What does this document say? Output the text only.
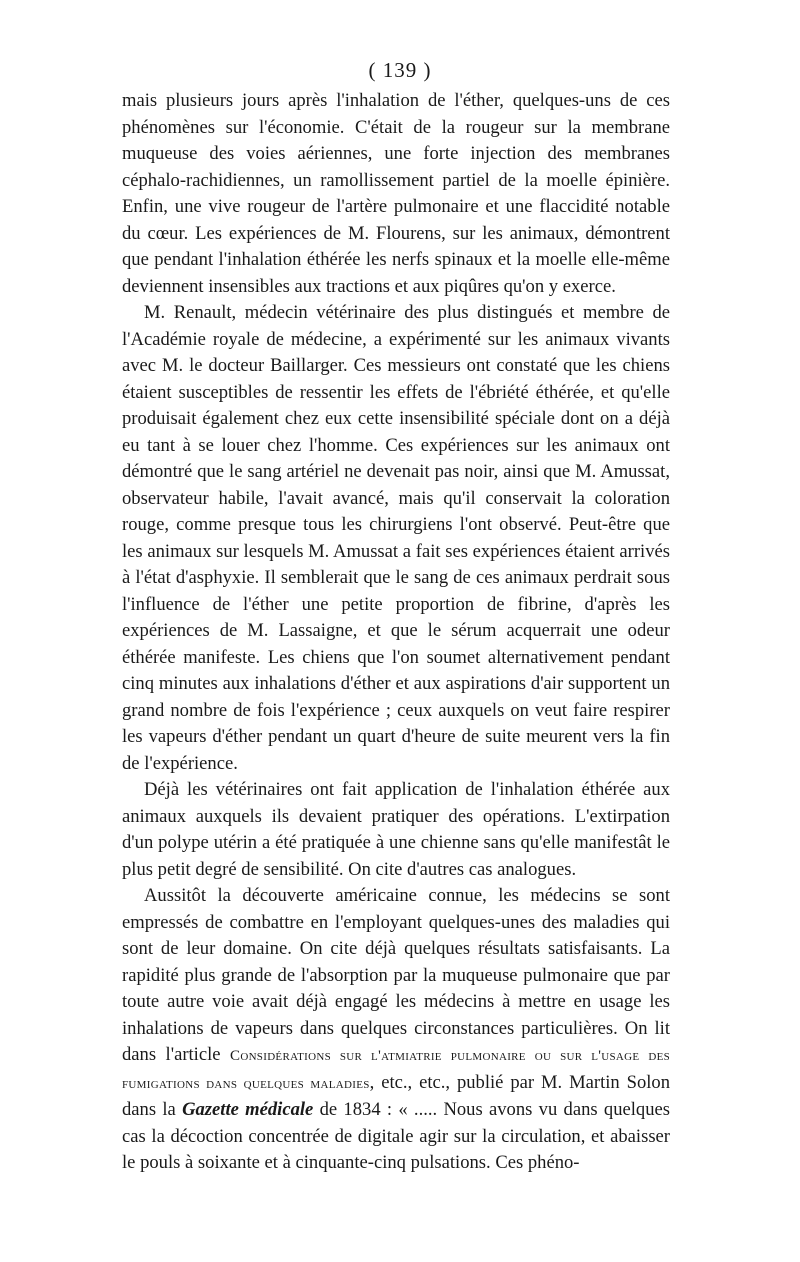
( 139 )

mais plusieurs jours après l'inhalation de l'éther, quelques-uns de ces phénomènes sur l'économie. C'était de la rougeur sur la membrane muqueuse des voies aériennes, une forte injection des membranes céphalo-rachidiennes, un ramollissement partiel de la moelle épinière. Enfin, une vive rougeur de l'artère pulmonaire et une flaccidité notable du cœur. Les expériences de M. Flourens, sur les animaux, démontrent que pendant l'inhalation éthérée les nerfs spinaux et la moelle elle-même deviennent insensibles aux tractions et aux piqûres qu'on y exerce.

M. Renault, médecin vétérinaire des plus distingués et membre de l'Académie royale de médecine, a expérimenté sur les animaux vivants avec M. le docteur Baillarger. Ces messieurs ont constaté que les chiens étaient susceptibles de ressentir les effets de l'ébriété éthérée, et qu'elle produisait également chez eux cette insensibilité spéciale dont on a déjà eu tant à se louer chez l'homme. Ces expériences sur les animaux ont démontré que le sang artériel ne devenait pas noir, ainsi que M. Amussat, observateur habile, l'avait avancé, mais qu'il conservait la coloration rouge, comme presque tous les chirurgiens l'ont observé. Peut-être que les animaux sur lesquels M. Amussat a fait ses expériences étaient arrivés à l'état d'asphyxie. Il semblerait que le sang de ces animaux perdrait sous l'influence de l'éther une petite proportion de fibrine, d'après les expériences de M. Lassaigne, et que le sérum acquerrait une odeur éthérée manifeste. Les chiens que l'on soumet alternativement pendant cinq minutes aux inhalations d'éther et aux aspirations d'air supportent un grand nombre de fois l'expérience ; ceux auxquels on veut faire respirer les vapeurs d'éther pendant un quart d'heure de suite meurent vers la fin de l'expérience.

Déjà les vétérinaires ont fait application de l'inhalation éthérée aux animaux auxquels ils devaient pratiquer des opérations. L'extirpation d'un polype utérin a été pratiquée à une chienne sans qu'elle manifestât le plus petit degré de sensibilité. On cite d'autres cas analogues.

Aussitôt la découverte américaine connue, les médecins se sont empressés de combattre en l'employant quelques-unes des maladies qui sont de leur domaine. On cite déjà quelques résultats satisfaisants. La rapidité plus grande de l'absorption par la muqueuse pulmonaire que par toute autre voie avait déjà engagé les médecins à mettre en usage les inhalations de vapeurs dans quelques circonstances particulières. On lit dans l'article Considérations sur l'atmiatrie pulmonaire ou sur l'usage des fumigations dans quelques maladies, etc., etc., publié par M. Martin Solon dans la Gazette médicale de 1834 : « ..... Nous avons vu dans quelques cas la décoction concentrée de digitale agir sur la circulation, et abaisser le pouls à soixante et à cinquante-cinq pulsations. Ces phéno-
